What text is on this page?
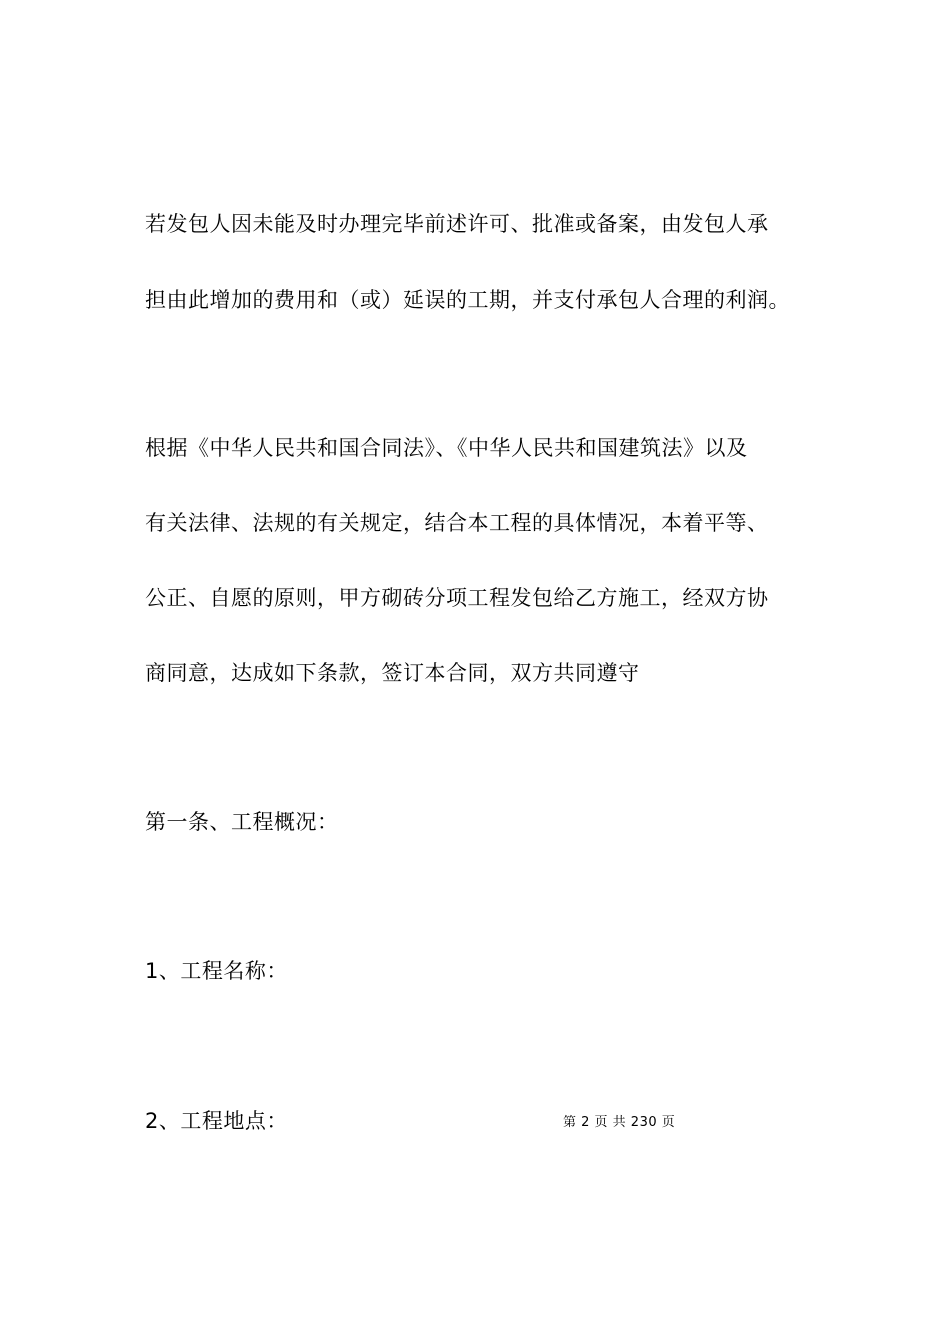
若发包人因未能及时办理完毕前述许可、批准或备案，由发包人承
担由此增加的费用和（或）延误的工期，并支付承包人合理的利润。
根据《中华人民共和国合同法》、《中华人民共和国建筑法》以及
有关法律、法规的有关规定，结合本工程的具体情况，本着平等、
公正、自愿的原则，甲方砌砖分项工程发包给乙方施工，经双方协
商同意，达成如下条款，签订本合同，双方共同遵守
第一条、工程概况：
1、工程名称：
2、工程地点：	第 2 页 共 230 页
